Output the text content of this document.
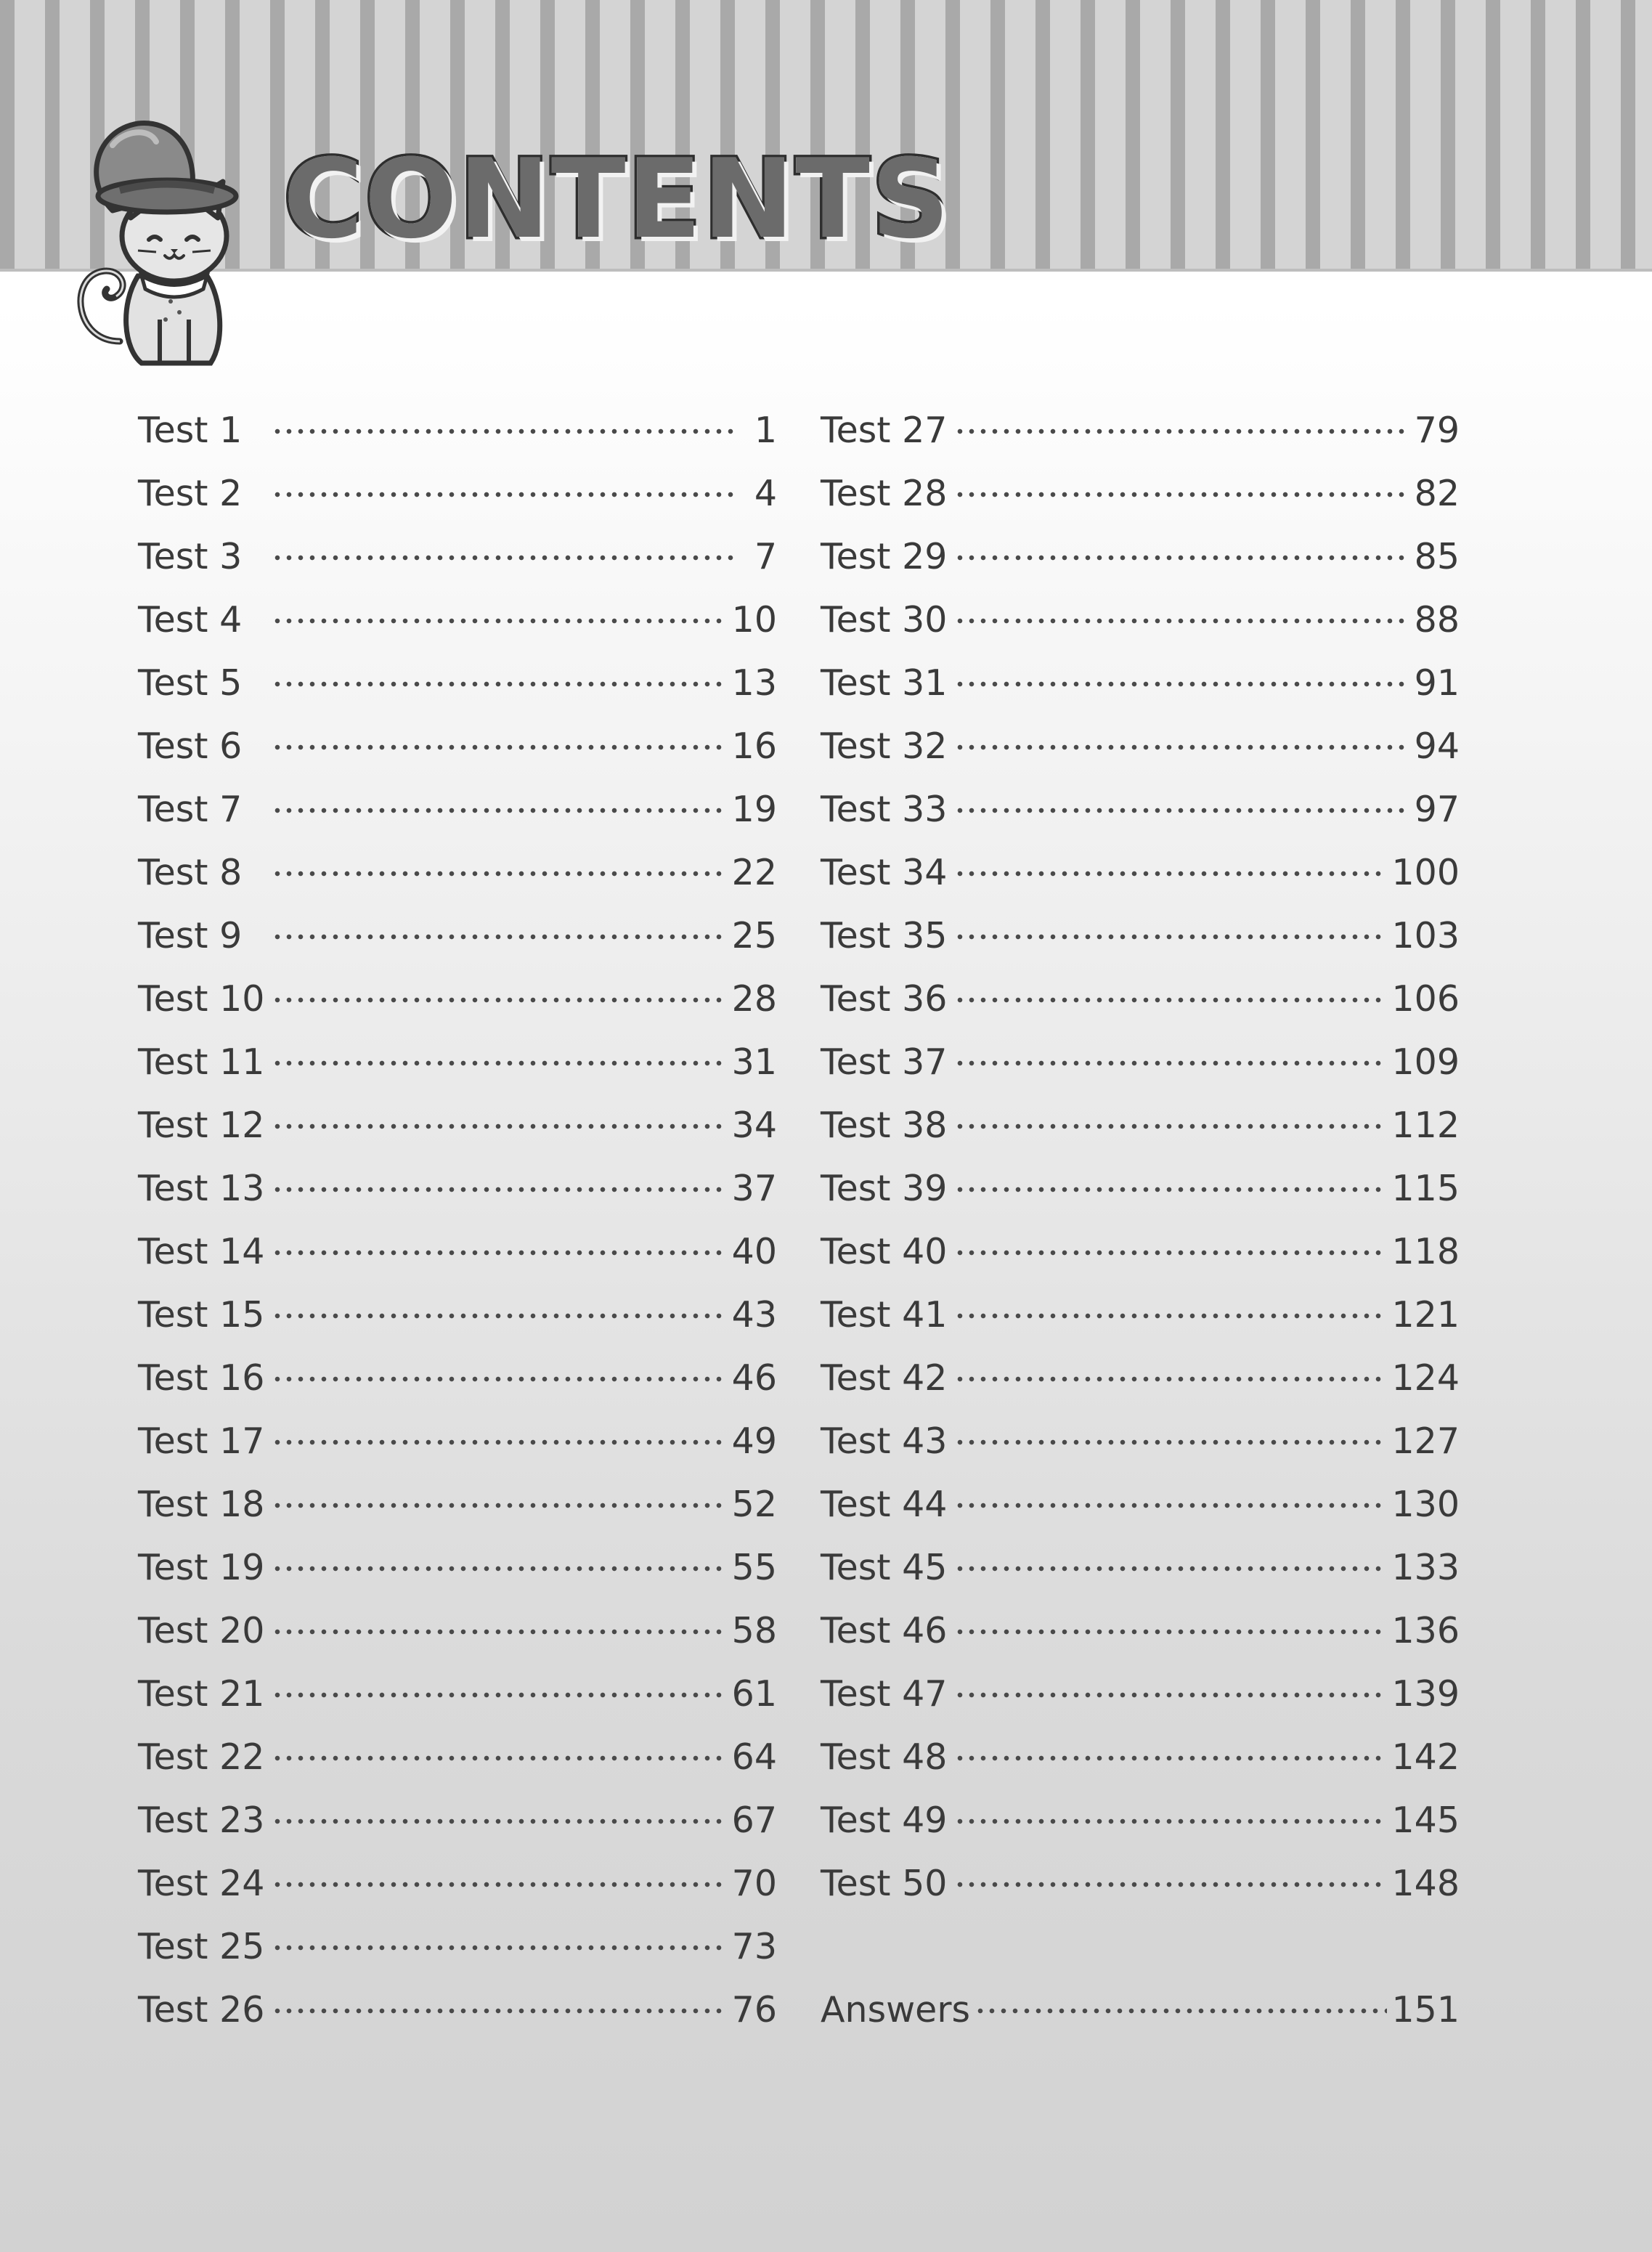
CONTENTS
Test 1	1
Test 2	4
Test 3	7
Test 4	10
Test 5	13
Test 6	16
Test 7	19
Test 8	22
Test 9	25
Test 10	28
Test 11	31
Test 12	34
Test 13	37
Test 14	40
Test 15	43
Test 16	46
Test 17	49
Test 18	52
Test 19	55
Test 20	58
Test 21	61
Test 22	64
Test 23	67
Test 24	70
Test 25	73
Test 26	76
Test 27	79
Test 28	82
Test 29	85
Test 30	88
Test 31	91
Test 32	94
Test 33	97
Test 34	100
Test 35	103
Test 36	106
Test 37	109
Test 38	112
Test 39	115
Test 40	118
Test 41	121
Test 42	124
Test 43	127
Test 44	130
Test 45	133
Test 46	136
Test 47	139
Test 48	142
Test 49	145
Test 50	148
Answers	151
